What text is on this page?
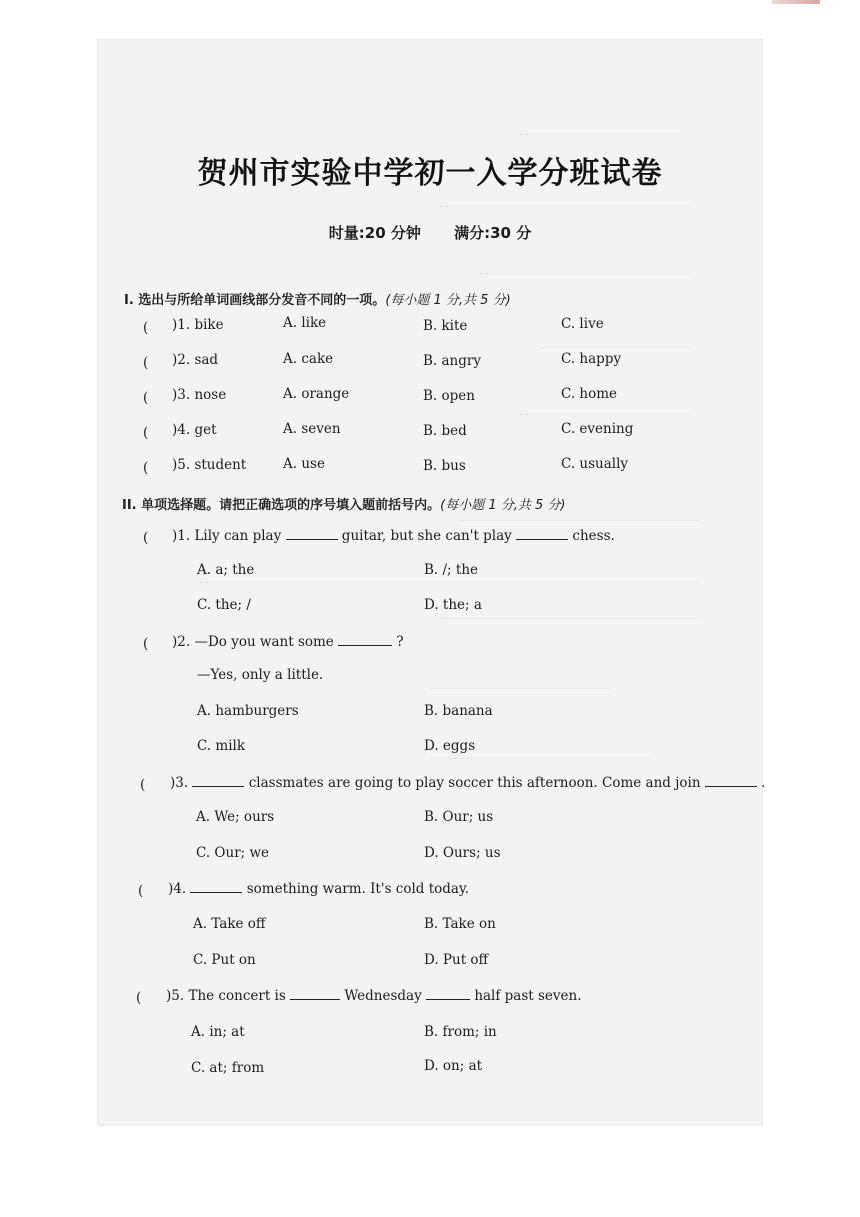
贺州市实验中学初一入学分班试卷
时量:20 分钟 满分:30 分
I. 选出与所给单词画线部分发音不同的一项。(每小题 1 分,共 5 分)
( )1. bike	A. like	B. kite	C. live
( )2. sad	A. cake	B. angry	C. happy
( )3. nose	A. orange	B. open	C. home
( )4. get	A. seven	B. bed	C. evening
( )5. student	A. use	B. bus	C. usually
II. 单项选择题。请把正确选项的序号填入题前括号内。(每小题 1 分,共 5 分)
( )1. Lily can play	guitar, but she can't play	chess.
A. a; the	B. /; the
C. the; /	D. the; a
( )2. —Do you want some	?
—Yes, only a little.
A. hamburgers	B. banana
C. milk	D. eggs
( )3.	classmates are going to play soccer this afternoon. Come and join	.
A. We; ours	B. Our; us
C. Our; we	D. Ours; us
( )4.	something warm. It's cold today.
A. Take off	B. Take on
C. Put on	D. Put off
( )5. The concert is	Wednesday	half past seven.
A. in; at	B. from; in
C. at; from	D. on; at
